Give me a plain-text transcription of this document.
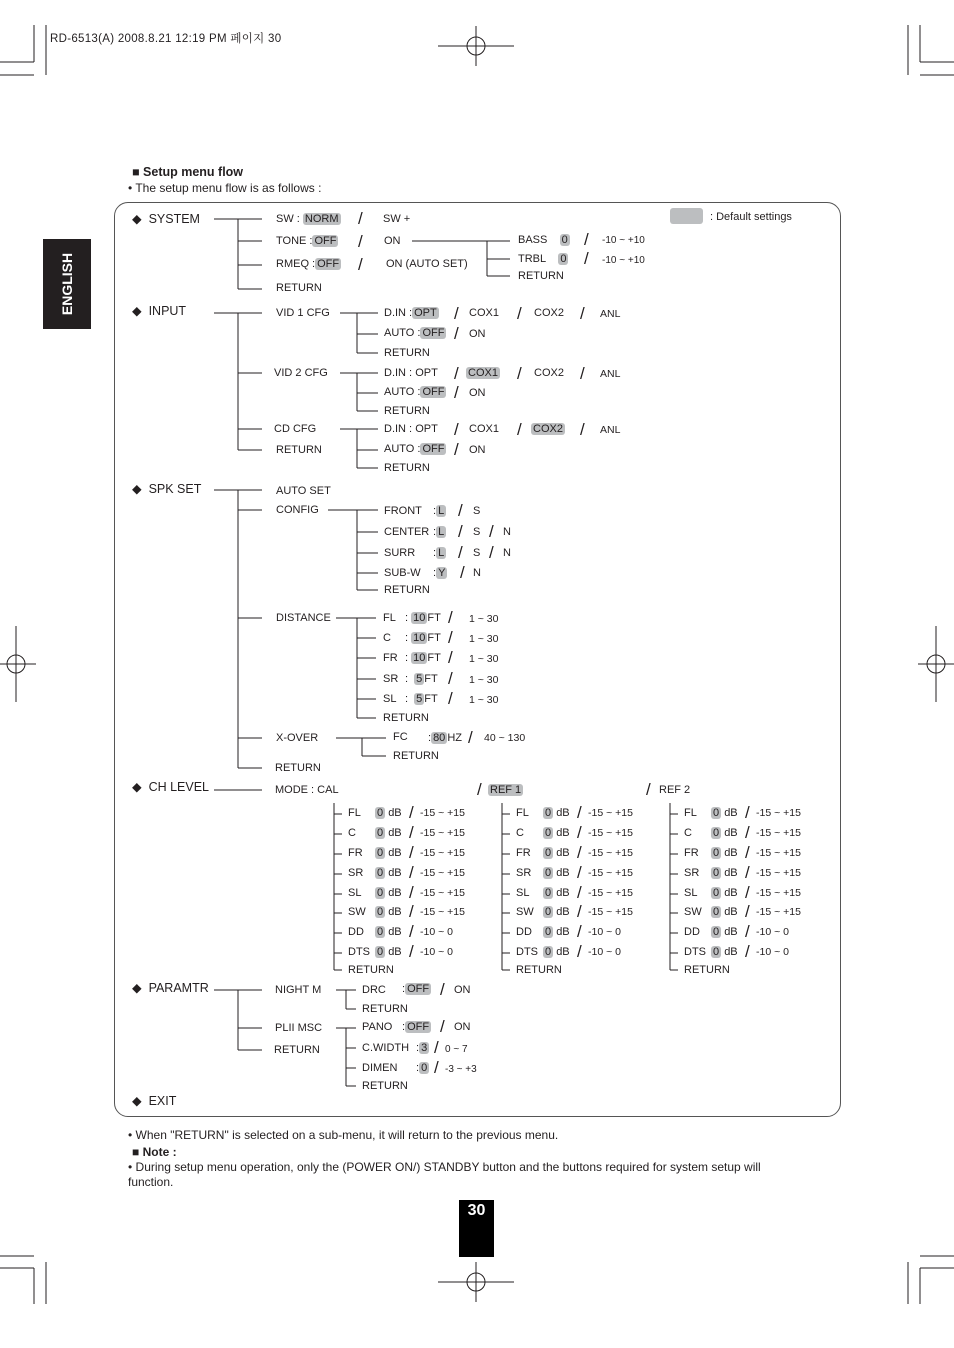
RD-6513(A) 2008.8.21 12:19 PM 페이지 30
ENGLISH
■ Setup menu flow
• The setup menu flow is as follows :
: Default settings
◆  SYSTEM
◆  INPUT
◆  SPK SET
◆  CH LEVEL
◆  PARAMTR
◆  EXIT
SW : NORM / SW +
TONE : OFF / ON
RMEQ : OFF / ON (AUTO SET)
RETURN
BASS 0 / -10 ~ +10
TRBL 0 / -10 ~ +10
RETURN
VID 1 CFG
VID 2 CFG
CD CFG
RETURN
D.IN : OPT / COX1 / COX2 / ANL
AUTO : OFF / ON
RETURN
D.IN : OPT / COX1 / COX2 / ANL
AUTO : OFF / ON
RETURN
D.IN : OPT / COX1 / COX2 / ANL
AUTO : OFF / ON
RETURN
AUTO SET
CONFIG
DISTANCE
X-OVER
RETURN
FRONT : L / S
CENTER : L / S / N
SURR : L / S / N
SUB-W : Y / N
RETURN
FL : 10 FT / 1 ~ 30
C : 10 FT / 1 ~ 30
FR : 10 FT / 1 ~ 30
SR :  5 FT / 1 ~ 30
SL :  5 FT / 1 ~ 30
RETURN
FC : 80 HZ / 40 ~ 130
RETURN
MODE : CAL	/ REF 1	/ REF 2
FL 0 dB / -15 ~ +15
C 0 dB / -15 ~ +15
FR 0 dB / -15 ~ +15
SR 0 dB / -15 ~ +15
SL 0 dB / -15 ~ +15
SW 0 dB / -15 ~ +15
DD 0 dB / -10 ~ 0
DTS 0 dB / -10 ~ 0
RETURN
FL 0 dB / -15 ~ +15
C 0 dB / -15 ~ +15
FR 0 dB / -15 ~ +15
SR 0 dB / -15 ~ +15
SL 0 dB / -15 ~ +15
SW 0 dB / -15 ~ +15
DD 0 dB / -10 ~ 0
DTS 0 dB / -10 ~ 0
RETURN
FL 0 dB / -15 ~ +15
C 0 dB / -15 ~ +15
FR 0 dB / -15 ~ +15
SR 0 dB / -15 ~ +15
SL 0 dB / -15 ~ +15
SW 0 dB / -15 ~ +15
DD 0 dB / -10 ~ 0
DTS 0 dB / -10 ~ 0
RETURN
NIGHT M
PLII MSC
RETURN
DRC : OFF / ON
RETURN
PANO : OFF / ON
C.WIDTH : 3 / 0 ~ 7
DIMEN : 0 / -3 ~ +3
RETURN
• When "RETURN" is selected on a sub-menu, it will return to the previous menu.
■ Note :
• During setup menu operation, only the (POWER ON/) STANDBY button and the buttons required for system setup will function.
30
